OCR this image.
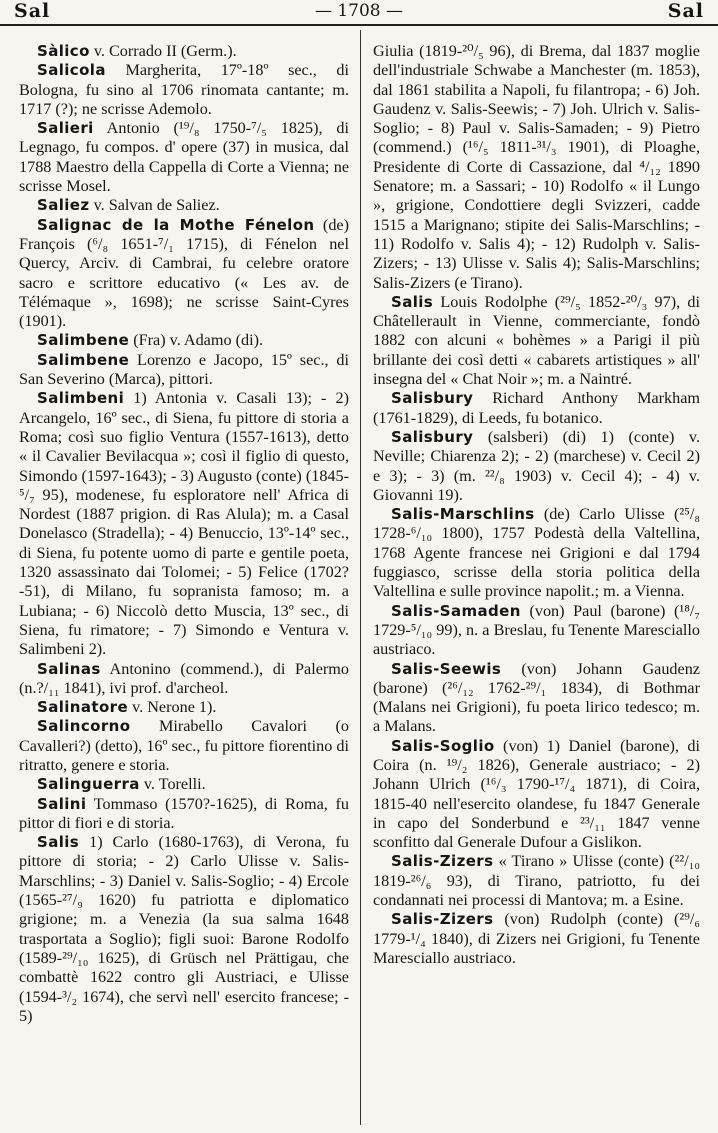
Sal	— 1708 —	Sal
Sàlico v. Corrado II (Germ.).
Salicola Margherita, 17º-18º sec., di Bologna, fu sino al 1706 rinomata cantante; m. 1717 (?); ne scrisse Ademolo.
Salieri Antonio (¹⁹/₈ 1750-⁷/₅ 1825), di Legnago, fu compos. d' opere (37) in musica, dal 1788 Maestro della Cappella di Corte a Vienna; ne scrisse Mosel.
Saliez v. Salvan de Saliez.
Salignac de la Mothe Fénelon (de) François (⁶/₈ 1651-⁷/₁ 1715), di Fénelon nel Quercy, Arciv. di Cambrai, fu celebre oratore sacro e scrittore educativo (« Les av. de Télémaque », 1698); ne scrisse Saint-Cyres (1901).
Salimbene (Fra) v. Adamo (di).
Salimbene Lorenzo e Jacopo, 15º sec., di San Severino (Marca), pittori.
Salimbeni 1) Antonia v. Casali 13); - 2) Arcangelo, 16º sec., di Siena, fu pittore di storia a Roma; così suo figlio Ventura (1557-1613), detto « il Cavalier Bevilacqua »; così il figlio di questo, Simondo (1597-1643); - 3) Augusto (conte) (1845-⁵/₇ 95), modenese, fu esploratore nell' Africa di Nordest (1887 prigion. di Ras Alula); m. a Casal Donelasco (Stradella); - 4) Benuccio, 13º-14º sec., di Siena, fu potente uomo di parte e gentile poeta, 1320 assassinato dai Tolomei; - 5) Felice (1702?-51), di Milano, fu sopranista famoso; m. a Lubiana; - 6) Niccolò detto Muscia, 13º sec., di Siena, fu rimatore; - 7) Simondo e Ventura v. Salimbeni 2).
Salinas Antonino (commend.), di Palermo (n.?/₁₁ 1841), ivi prof. d'archeol.
Salinatore v. Nerone 1).
Salincorno Mirabello Cavalori (o Cavalleri?) (detto), 16º sec., fu pittore fiorentino di ritratto, genere e storia.
Salinguerra v. Torelli.
Salini Tommaso (1570?-1625), di Roma, fu pittor di fiori e di storia.
Salis 1) Carlo (1680-1763), di Verona, fu pittore di storia; - 2) Carlo Ulisse v. Salis-Marschlins; - 3) Daniel v. Salis-Soglio; - 4) Ercole (1565-²⁷/₉ 1620) fu patriotta e diplomatico grigione; m. a Venezia (la sua salma 1648 trasportata a Soglio); figli suoi: Barone Rodolfo (1589-²⁹/₁₀ 1625), di Grüsch nel Prättigau, che combattè 1622 contro gli Austriaci, e Ulisse (1594-³/₂ 1674), che servì nell' esercito francese; - 5)
Giulia (1819-²⁰/₅ 96), di Brema, dal 1837 moglie dell'industriale Schwabe a Manchester (m. 1853), dal 1861 stabilita a Napoli, fu filantropa; - 6) Joh. Gaudenz v. Salis-Seewis; - 7) Joh. Ulrich v. Salis-Soglio; - 8) Paul v. Salis-Samaden; - 9) Pietro (commend.) (¹⁶/₅ 1811-³¹/₃ 1901), di Ploaghe, Presidente di Corte di Cassazione, dal ⁴/₁₂ 1890 Senatore; m. a Sassari; - 10) Rodolfo « il Lungo », grigione, Condottiere degli Svizzeri, cadde 1515 a Marignano; stipite dei Salis-Marschlins; - 11) Rodolfo v. Salis 4); - 12) Rudolph v. Salis-Zizers; - 13) Ulisse v. Salis 4); Salis-Marschlins; Salis-Zizers (e Tirano).
Salis Louis Rodolphe (²⁹/₅ 1852-²⁰/₃ 97), di Châtellerault in Vienne, commerciante, fondò 1882 con alcuni « bohèmes » a Parigi il più brillante dei così detti « cabarets artistiques » all' insegna del « Chat Noir »; m. a Naintré.
Salisbury Richard Anthony Markham (1761-1829), di Leeds, fu botanico.
Salisbury (salsberi) (di) 1) (conte) v. Neville; Chiarenza 2); - 2) (marchese) v. Cecil 2) e 3); - 3) (m. ²²/₈ 1903) v. Cecil 4); - 4) v. Giovanni 19).
Salis-Marschlins (de) Carlo Ulisse (²⁵/₈ 1728-⁶/₁₀ 1800), 1757 Podestà della Valtellina, 1768 Agente francese nei Grigioni e dal 1794 fuggiasco, scrisse della storia politica della Valtellina e sulle province napolit.; m. a Vienna.
Salis-Samaden (von) Paul (barone) (¹⁸/₇ 1729-⁵/₁₀ 99), n. a Breslau, fu Tenente Maresciallo austriaco.
Salis-Seewis (von) Johann Gaudenz (barone) (²⁶/₁₂ 1762-²⁹/₁ 1834), di Bothmar (Malans nei Grigioni), fu poeta lirico tedesco; m. a Malans.
Salis-Soglio (von) 1) Daniel (barone), di Coira (n. ¹⁹/₂ 1826), Generale austriaco; - 2) Johann Ulrich (¹⁶/₃ 1790-¹⁷/₄ 1871), di Coira, 1815-40 nell'esercito olandese, fu 1847 Generale in capo del Sonderbund e ²³/₁₁ 1847 venne sconfitto dal Generale Dufour a Gislikon.
Salis-Zizers « Tirano » Ulisse (conte) (²²/₁₀ 1819-²⁶/₆ 93), di Tirano, patriotto, fu dei condannati nei processi di Mantova; m. a Esine.
Salis-Zizers (von) Rudolph (conte) (²⁹/₆ 1779-¹/₄ 1840), di Zizers nei Grigioni, fu Tenente Maresciallo austriaco.
